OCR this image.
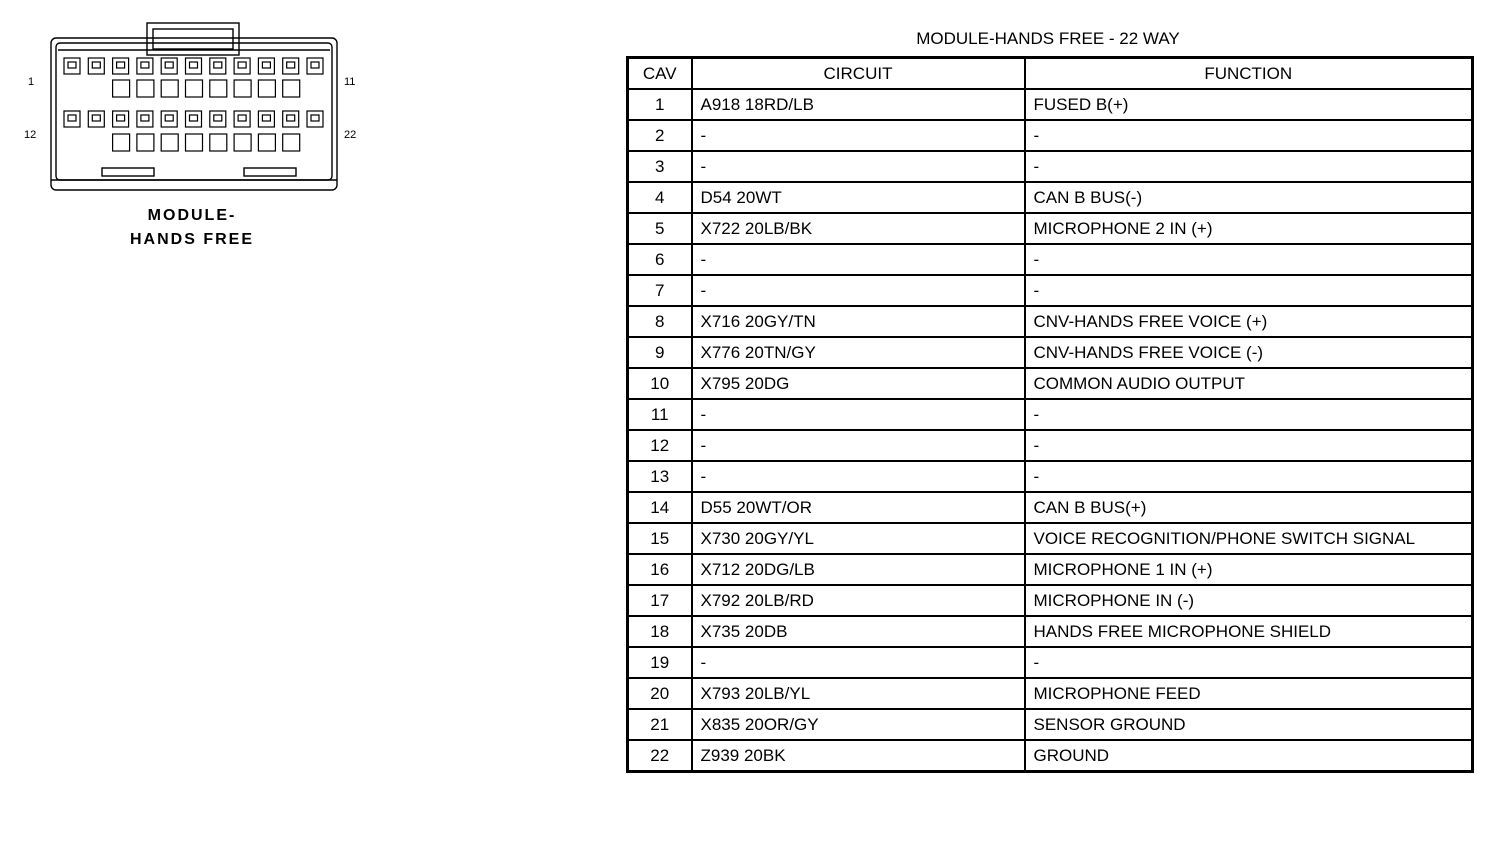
1
12
11
22
MODULE-
HANDS FREE
MODULE-HANDS FREE - 22 WAY
CAV	CIRCUIT	FUNCTION
1	A918 18RD/LB	FUSED B(+)
2	-	-
3	-	-
4	D54 20WT	CAN B BUS(-)
5	X722 20LB/BK	MICROPHONE 2 IN (+)
6	-	-
7	-	-
8	X716 20GY/TN	CNV-HANDS FREE VOICE (+)
9	X776 20TN/GY	CNV-HANDS FREE VOICE (-)
10	X795 20DG	COMMON AUDIO OUTPUT
11	-	-
12	-	-
13	-	-
14	D55 20WT/OR	CAN B BUS(+)
15	X730 20GY/YL	VOICE RECOGNITION/PHONE SWITCH SIGNAL
16	X712 20DG/LB	MICROPHONE 1 IN (+)
17	X792 20LB/RD	MICROPHONE IN (-)
18	X735 20DB	HANDS FREE MICROPHONE SHIELD
19	-	-
20	X793 20LB/YL	MICROPHONE FEED
21	X835 20OR/GY	SENSOR GROUND
22	Z939 20BK	GROUND
